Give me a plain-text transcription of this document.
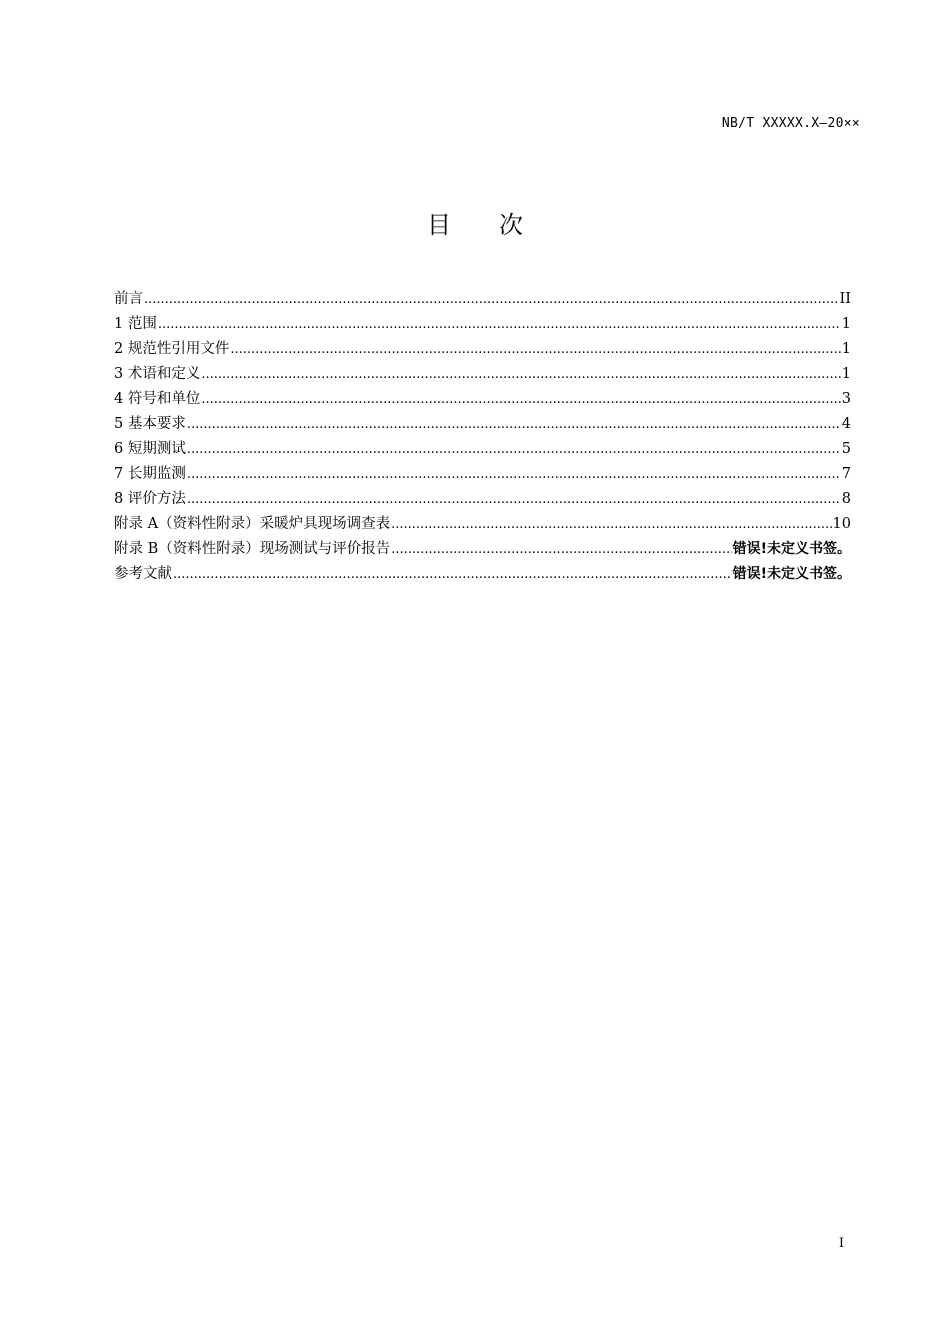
NB/T XXXXX.X—20××
目次
前言 .....	II
1 范围 .....	1
2 规范性引用文件 .....	1
3 术语和定义 .....	1
4 符号和单位 .....	3
5 基本要求 .....	4
6 短期测试 .....	5
7 长期监测 .....	7
8 评价方法 .....	8
附录 A（资料性附录）采暖炉具现场调查表 .....	10
附录 B（资料性附录）现场测试与评价报告 .....	错误!未定义书签。
参考文献 .....	错误!未定义书签。
I
